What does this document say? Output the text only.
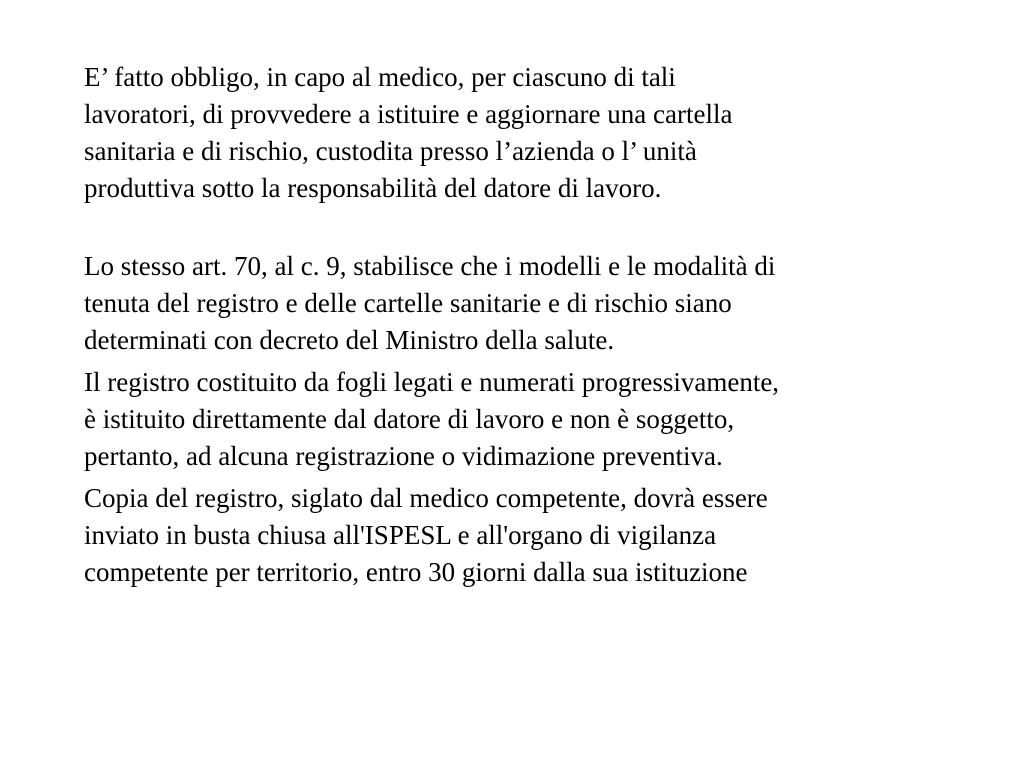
E’ fatto obbligo, in capo al medico, per ciascuno di tali
lavoratori, di provvedere a istituire e aggiornare una cartella
sanitaria e di rischio, custodita presso l’azienda o l’ unità
produttiva sotto la responsabilità del datore di lavoro.

Lo stesso art. 70, al c. 9, stabilisce che i modelli e le modalità di
tenuta del registro e delle cartelle sanitarie e di rischio siano
determinati con decreto del Ministro della salute.

Il registro costituito da fogli legati e numerati progressivamente,
è istituito direttamente dal datore di lavoro e non è soggetto,
pertanto, ad alcuna registrazione o vidimazione preventiva.

Copia del registro, siglato dal medico competente, dovrà essere
inviato in busta chiusa all'ISPESL e all'organo di vigilanza
competente per territorio, entro 30 giorni dalla sua istituzione
